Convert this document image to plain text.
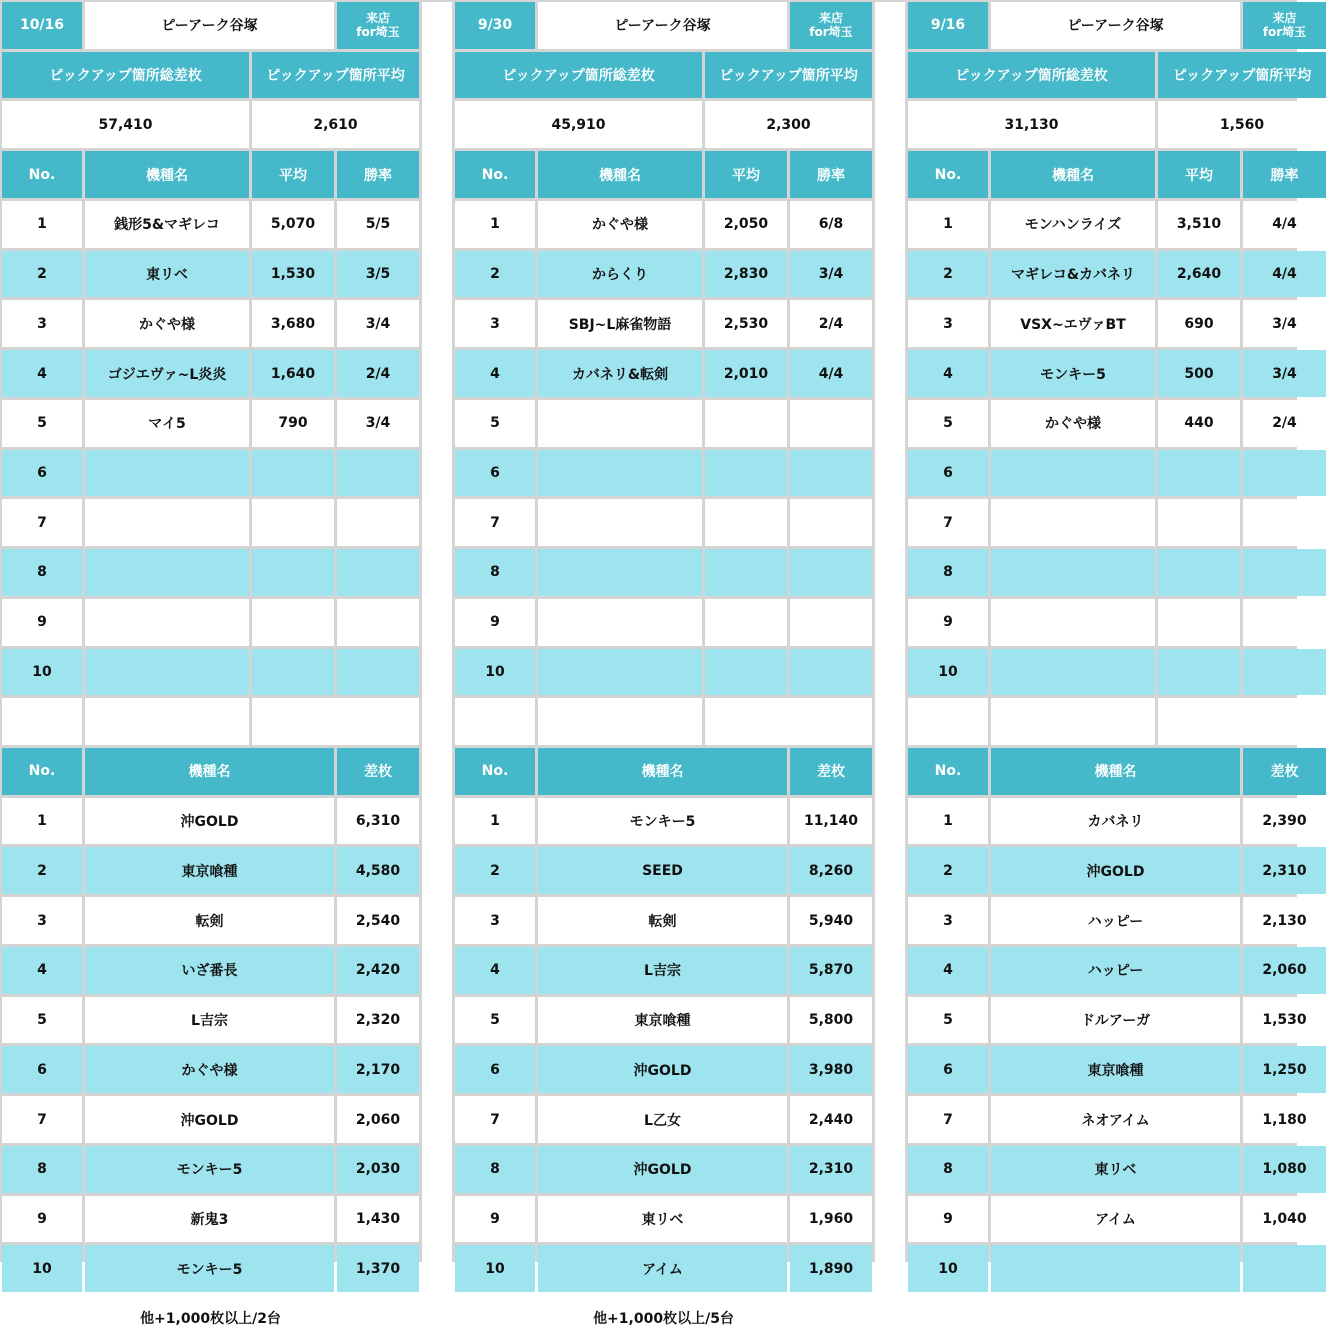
10/16	ピーアーク谷塚	来店
for埼玉
ピックアップ箇所総差枚	ピックアップ箇所平均
57,410	2,610
No.	機種名	平均	勝率
1	銭形5&マギレコ	5,070	5/5
2	東リベ	1,530	3/5
3	かぐや様	3,680	3/4
4	ゴジエヴァ~L炎炎	1,640	2/4
5	マイ5	790	3/4
6
7
8
9
10
No.	機種名	差枚
1	沖GOLD	6,310
2	東京喰種	4,580
3	転剣	2,540
4	いざ番長	2,420
5	L吉宗	2,320
6	かぐや様	2,170
7	沖GOLD	2,060
8	モンキー5	2,030
9	新鬼3	1,430
10	モンキー5	1,370
他+1,000枚以上/2台
9/30	ピーアーク谷塚	来店
for埼玉
ピックアップ箇所総差枚	ピックアップ箇所平均
45,910	2,300
No.	機種名	平均	勝率
1	かぐや様	2,050	6/8
2	からくり	2,830	3/4
3	SBJ~L麻雀物語	2,530	2/4
4	カバネリ&転剣	2,010	4/4
5
6
7
8
9
10
No.	機種名	差枚
1	モンキー5	11,140
2	SEED	8,260
3	転剣	5,940
4	L吉宗	5,870
5	東京喰種	5,800
6	沖GOLD	3,980
7	L乙女	2,440
8	沖GOLD	2,310
9	東リベ	1,960
10	アイム	1,890
他+1,000枚以上/5台
9/16	ピーアーク谷塚	来店
for埼玉
ピックアップ箇所総差枚	ピックアップ箇所平均
31,130	1,560
No.	機種名	平均	勝率
1	モンハンライズ	3,510	4/4
2	マギレコ&カバネリ	2,640	4/4
3	VSX~エヴァBT	690	3/4
4	モンキー5	500	3/4
5	かぐや様	440	2/4
6
7
8
9
10
No.	機種名	差枚
1	カバネリ	2,390
2	沖GOLD	2,310
3	ハッピー	2,130
4	ハッピー	2,060
5	ドルアーガ	1,530
6	東京喰種	1,250
7	ネオアイム	1,180
8	東リベ	1,080
9	アイム	1,040
10
